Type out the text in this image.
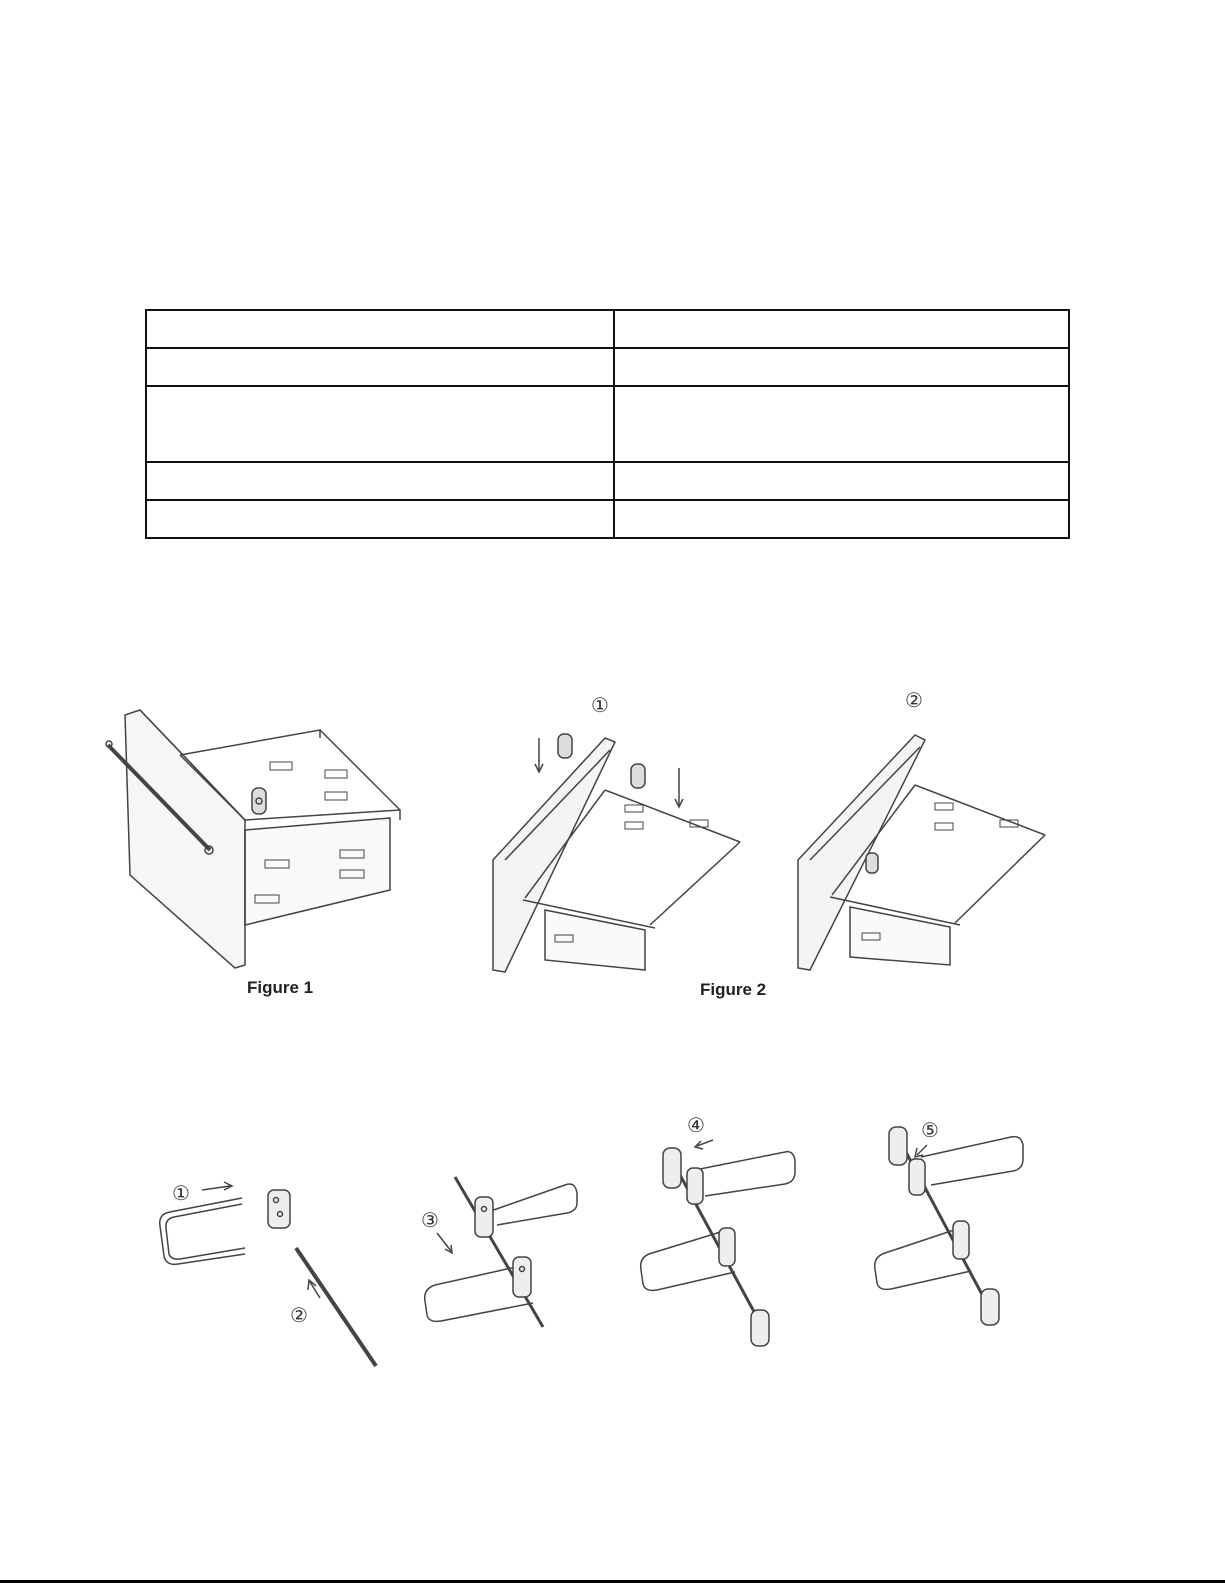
Figure 1
①	②
Figure 2
①
②
③
④	⑤
